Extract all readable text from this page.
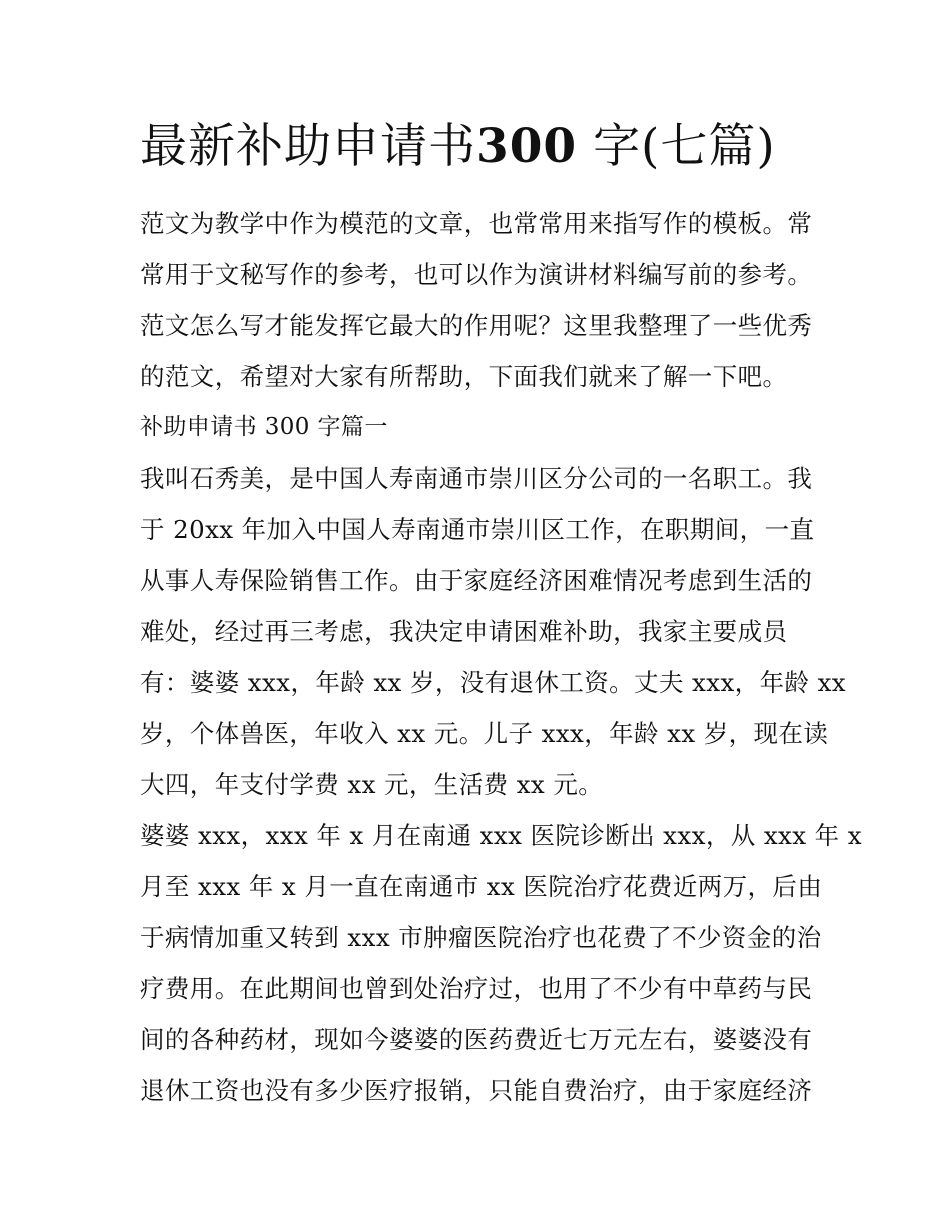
最新补助申请书300 字(七篇)
范文为教学中作为模范的文章，也常常用来指写作的模板。常
常用于文秘写作的参考，也可以作为演讲材料编写前的参考。
范文怎么写才能发挥它最大的作用呢？这里我整理了一些优秀
的范文，希望对大家有所帮助，下面我们就来了解一下吧。
补助申请书 300 字篇一
我叫石秀美，是中国人寿南通市崇川区分公司的一名职工。我
于 20xx 年加入中国人寿南通市崇川区工作，在职期间，一直
从事人寿保险销售工作。由于家庭经济困难情况考虑到生活的
难处，经过再三考虑，我决定申请困难补助，我家主要成员
有：婆婆 xxx，年龄 xx 岁，没有退休工资。丈夫 xxx，年龄 xx
岁，个体兽医，年收入 xx 元。儿子 xxx，年龄 xx 岁，现在读
大四，年支付学费 xx 元，生活费 xx 元。
婆婆 xxx，xxx 年 x 月在南通 xxx 医院诊断出 xxx，从 xxx 年 x
月至 xxx 年 x 月一直在南通市 xx 医院治疗花费近两万，后由
于病情加重又转到 xxx 市肿瘤医院治疗也花费了不少资金的治
疗费用。在此期间也曾到处治疗过，也用了不少有中草药与民
间的各种药材，现如今婆婆的医药费近七万元左右，婆婆没有
退休工资也没有多少医疗报销，只能自费治疗，由于家庭经济
